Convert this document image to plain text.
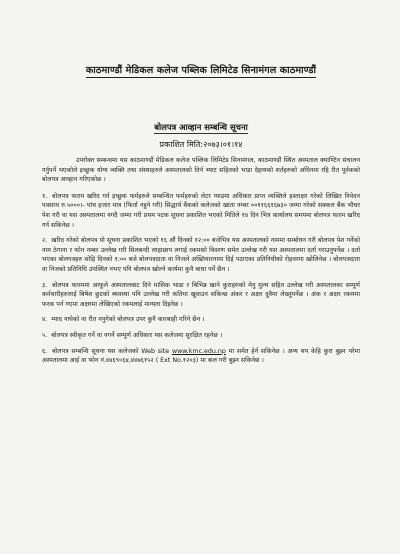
काठमाण्डौं मेडिकल कलेज पब्लिक लिमिटेड सिनामंगल काठमाण्डौं
बोलपत्र आव्हान सम्बन्धि सूचना
प्रकाशित मिति:२०७३।०१।१४

उपरोक्त सम्बन्धमा यस काठमाण्डौं मेडिकल कलेज पब्लिक लिमिटेड सिनामंगल, काठमाण्डौं स्थित अस्पताल क्याण्टिन संचालन गर्नुपर्ने भएकोले इच्छुक योग्य व्यक्ति तथा संस्थाहरुले अस्पतालको तिर्न भ्याट सहितको भाडा देहायको शर्तहरुको अधिनमा रहि रीत पूर्वकको बोलपत्र आव्हान गरिएकोछ ।

१. बोलपत्र फारम खरिद गर्न इच्छुक फर्महरुले सम्बन्धित फर्महरुको लेटर प्याडमा अधिकार प्राप्त व्यक्तिले हस्ताक्षर गरेको लिखित निवेदन पत्रसाथ रु.५०००।- पांच हजार मात्र (फिर्ता नहुने गरी) सिद्धार्थ बैंकको कलेजको खाता नम्बर ००११६६१६७३० जम्मा गरेको सक्कल बैंक भौचर पेश गरी वा यस अस्पतालमा नगदै जम्मा गरी प्रथम पटक सूचना प्रकाशित भएको मितिले १४ दिन भित्र कार्यालय समयमा बोलपत्र फारम खरिद गर्न सकिनेछ ।

२. खरिद गरेको बोलपत्र यो सूचना प्रकाशित भएको १६ औं दिनको १२:०० बजेभित्र यस अस्पतालको नाममा सम्बोधन गरी बोलपत्र पेश गर्नेको नाम ठेगाना र फोन नम्बर उल्लेख गरी सिलबन्दी लाहाछाप लगाई रकमको विवरण समेत उल्लेख गरी यस अस्पतालमा दर्ता गराउनुपर्नेछ । दर्ता भएका बोलपत्रहरु सोहि दिनको १:०० बजे बोलपत्रदाता वा निजले अख्तियारनामा दिई पठाएका प्रतिनिधीको रोहवरमा खोलिनेछ । बोलपत्रदाता वा निजको प्रतिनिधि उपस्थित नभए पनि बोलपत्र खोल्ने कार्यमा कुनै बाधा पर्ने छैन ।

३. बोलपत्र फारममा आफूले अस्पतालबाट दिने मासिक भाडा र बिभिन्न खाने कुराहरुको मेनु मुल्य सहित उल्लेख गरी अस्पतालका सम्पूर्ण कर्मचारीहरुलाई बिषेश छुटको ब्यवस्था पनि उल्लेख गरी कतिमा खुवाउन सकिन्छ अंकर र अक्षर दुवैमा लेख्नुपर्नेछ । अंक र अक्षर रकममा फरक पर्न गएमा अक्षरमा लेखिएको रकमलाई मान्यता दिइनेछ ।

४. म्याद नाघेको वा रीत नपुगेको बोलपत्र उपर कुनै कारबाही गरिने छैन ।

५. बोलपत्र स्वीकृत गर्ने वा नगर्ने सम्पूर्ण अधिकार यस कलेजमा सुरक्षित रहनेछ ।

६. बोलपत्र सम्बन्धि सूचना यस कलेजको Web site www.kmc.edu.np मा समेत हेर्न सकिनेछ । अन्य थप केहि कुरा बुझ्न परेमा अस्पतालमा आई वा फोन नं.४४६९०६४,४४७६१५२ ( Ext No.१२०३) मा कल गरी बुझ्न सकिनेछ ।
